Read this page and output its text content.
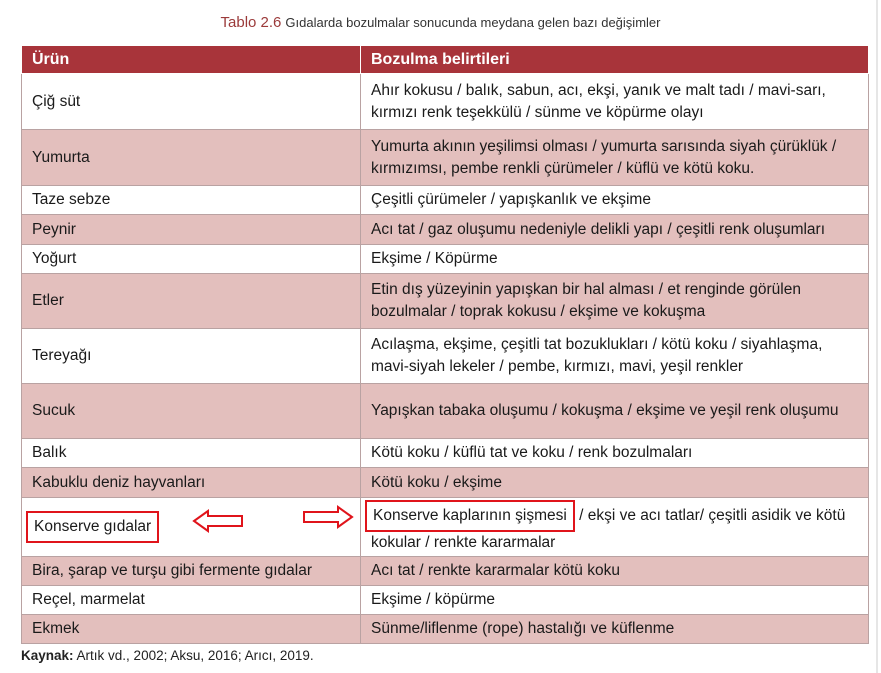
Tablo 2.6 Gıdalarda bozulmalar sonucunda meydana gelen bazı değişimler
Ürün	Bozulma belirtileri
Çiğ süt	Ahır kokusu / balık, sabun, acı, ekşi, yanık ve malt tadı / mavi-sarı, kırmızı renk teşekkülü / sünme ve köpürme olayı
Yumurta	Yumurta akının yeşilimsi olması / yumurta sarısında siyah çürüklük / kırmızımsı, pembe renkli çürümeler / küflü ve kötü koku.
Taze sebze	Çeşitli çürümeler / yapışkanlık ve ekşime
Peynir	Acı tat / gaz oluşumu nedeniyle delikli yapı / çeşitli renk oluşumları
Yoğurt	Ekşime / Köpürme
Etler	Etin dış yüzeyinin yapışkan bir hal alması / et renginde görülen bozulmalar / toprak kokusu / ekşime ve kokuşma
Tereyağı	Acılaşma, ekşime, çeşitli tat bozuklukları / kötü koku / siyahlaşma, mavi-siyah lekeler / pembe, kırmızı, mavi, yeşil renkler
Sucuk	Yapışkan tabaka oluşumu / kokuşma / ekşime ve yeşil renk oluşumu
Balık	Kötü koku / küflü tat ve koku / renk bozulmaları
Kabuklu deniz hayvanları	Kötü koku / ekşime
Konserve gıdalar	Konserve kaplarının şişmesi / ekşi ve acı tatlar/ çeşitli asidik ve kötü kokular / renkte kararmalar
Bira, şarap ve turşu gibi fermente gıdalar	Acı tat / renkte kararmalar kötü koku
Reçel, marmelat	Ekşime / köpürme
Ekmek	Sünme/liflenme (rope) hastalığı ve küflenme
Kaynak: Artık vd., 2002; Aksu, 2016; Arıcı, 2019.
